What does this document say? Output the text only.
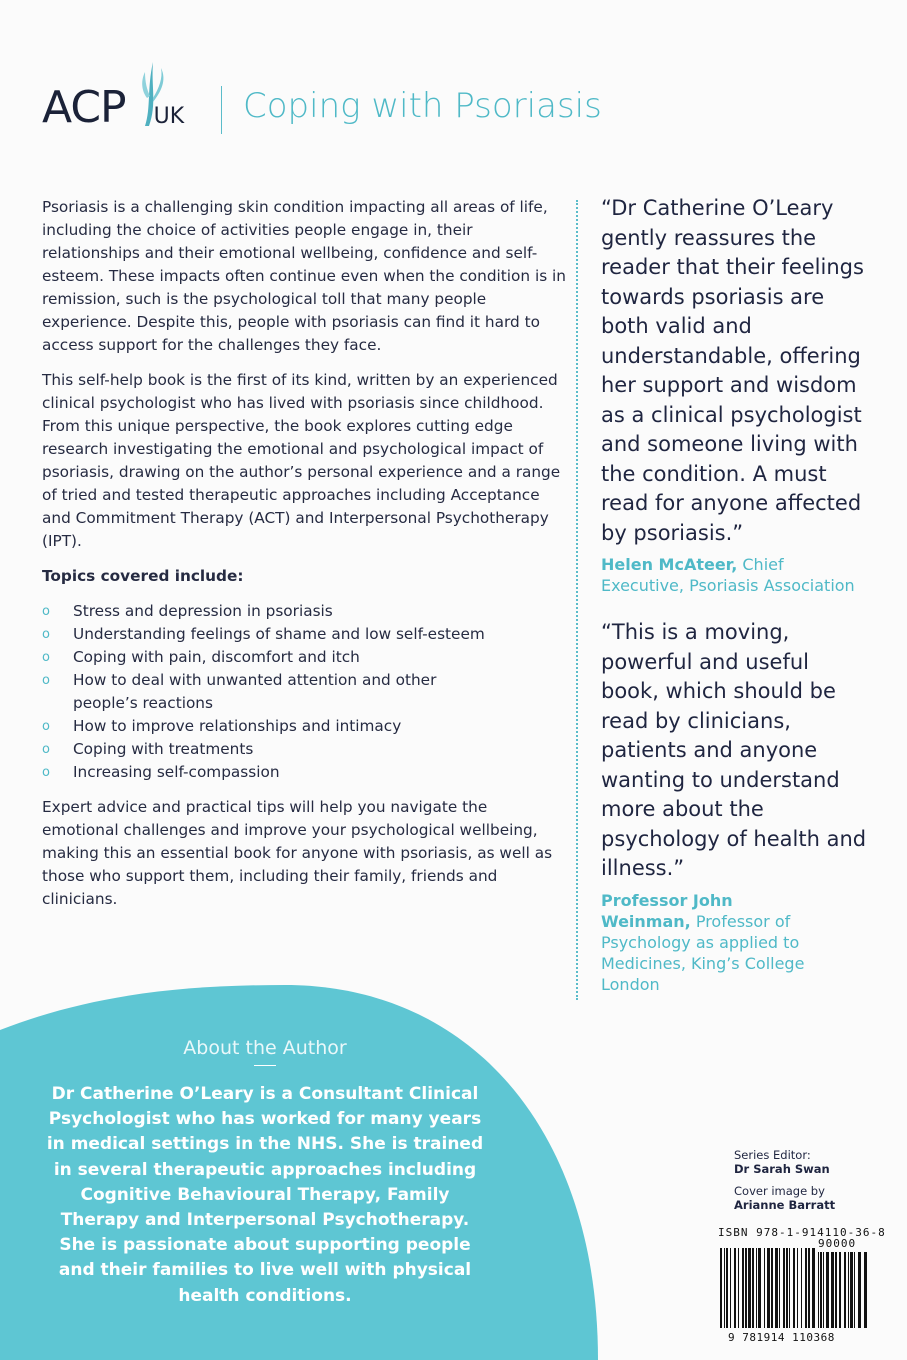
ACP UK Coping with Psoriasis

Psoriasis is a challenging skin condition impacting all areas of life, including the choice of activities people engage in, their relationships and their emotional wellbeing, confidence and self-esteem. These impacts often continue even when the condition is in remission, such is the psychological toll that many people experience. Despite this, people with psoriasis can find it hard to access support for the challenges they face.

This self-help book is the first of its kind, written by an experienced clinical psychologist who has lived with psoriasis since childhood. From this unique perspective, the book explores cutting edge research investigating the emotional and psychological impact of psoriasis, drawing on the author’s personal experience and a range of tried and tested therapeutic approaches including Acceptance and Commitment Therapy (ACT) and Interpersonal Psychotherapy (IPT).

Topics covered include:

o Stress and depression in psoriasis
o Understanding feelings of shame and low self-esteem
o Coping with pain, discomfort and itch
o How to deal with unwanted attention and other people’s reactions
o How to improve relationships and intimacy
o Coping with treatments
o Increasing self-compassion

Expert advice and practical tips will help you navigate the emotional challenges and improve your psychological wellbeing, making this an essential book for anyone with psoriasis, as well as those who support them, including their family, friends and clinicians.

“Dr Catherine O’Leary gently reassures the reader that their feelings towards psoriasis are both valid and understandable, offering her support and wisdom as a clinical psychologist and someone living with the condition. A must read for anyone affected by psoriasis.”

Helen McAteer, Chief Executive, Psoriasis Association

“This is a moving, powerful and useful book, which should be read by clinicians, patients and anyone wanting to understand more about the psychology of health and illness.”

Professor John Weinman, Professor of Psychology as applied to Medicines, King’s College London

About the Author
Dr Catherine O’Leary is a Consultant Clinical Psychologist who has worked for many years in medical settings in the NHS. She is trained in several therapeutic approaches including Cognitive Behavioural Therapy, Family Therapy and Interpersonal Psychotherapy. She is passionate about supporting people and their families to live well with physical health conditions.
Series Editor:
Dr Sarah Swan
Cover image by
Arianne Barratt
ISBN 978-1-914110-36-8
90000
9 781914 110368
